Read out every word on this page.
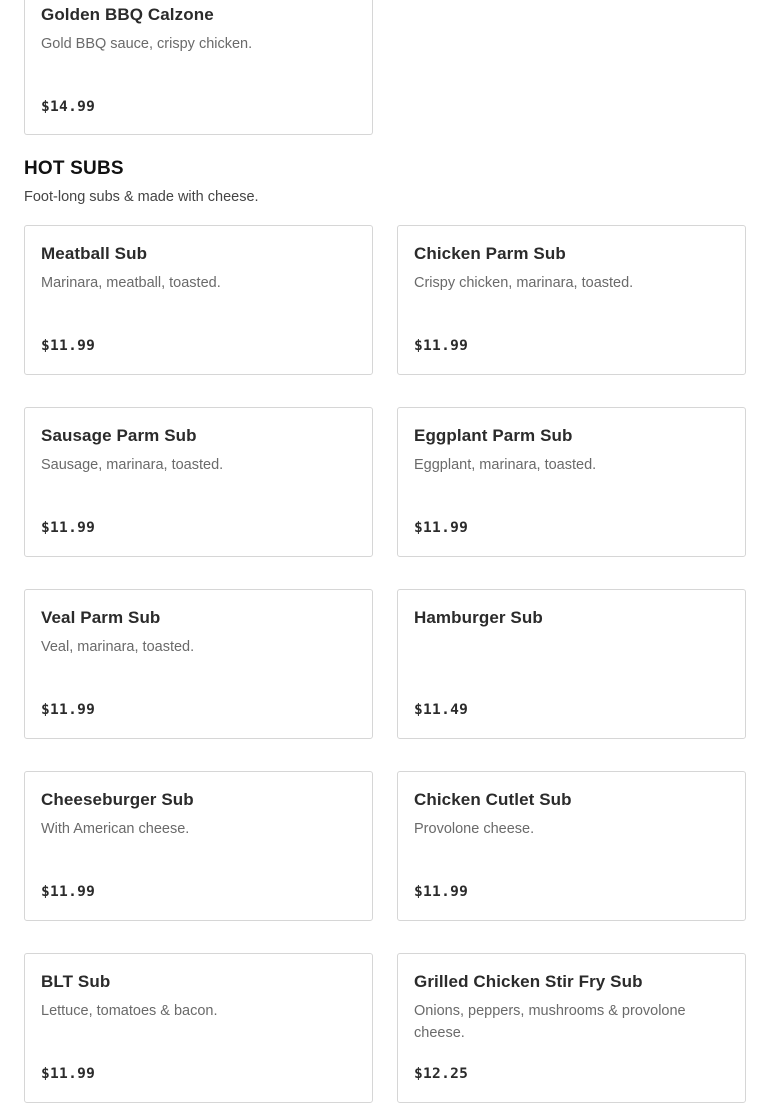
Golden BBQ Calzone
Gold BBQ sauce, crispy chicken.
$14.99
HOT SUBS
Foot-long subs & made with cheese.
Meatball Sub
Marinara, meatball, toasted.
$11.99
Chicken Parm Sub
Crispy chicken, marinara, toasted.
$11.99
Sausage Parm Sub
Sausage, marinara, toasted.
$11.99
Eggplant Parm Sub
Eggplant, marinara, toasted.
$11.99
Veal Parm Sub
Veal, marinara, toasted.
$11.99
Hamburger Sub
$11.49
Cheeseburger Sub
With American cheese.
$11.99
Chicken Cutlet Sub
Provolone cheese.
$11.99
BLT Sub
Lettuce, tomatoes & bacon.
$11.99
Grilled Chicken Stir Fry Sub
Onions, peppers, mushrooms & provolone cheese.
$12.25
